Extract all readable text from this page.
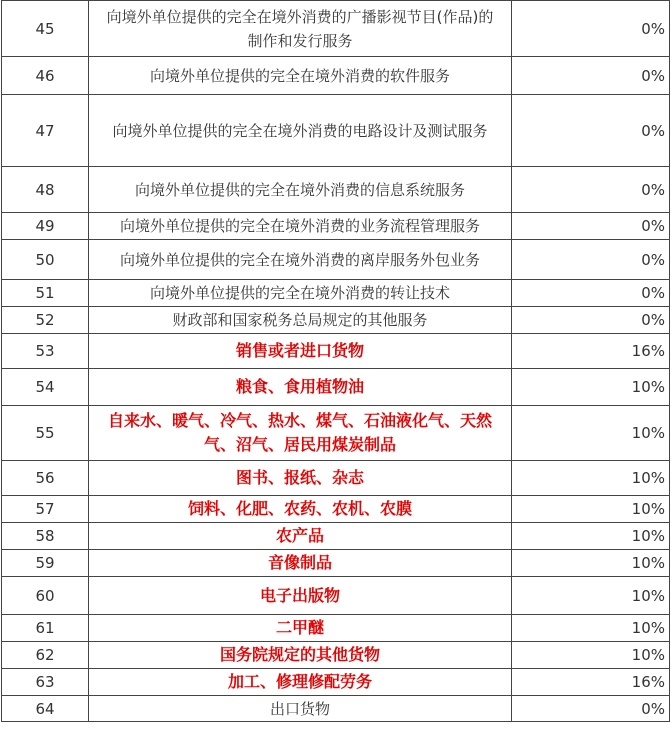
45	向境外单位提供的完全在境外消费的广播影视节目(作品)的制作和发行服务	0%
46	向境外单位提供的完全在境外消费的软件服务	0%
47	向境外单位提供的完全在境外消费的电路设计及测试服务	0%
48	向境外单位提供的完全在境外消费的信息系统服务	0%
49	向境外单位提供的完全在境外消费的业务流程管理服务	0%
50	向境外单位提供的完全在境外消费的离岸服务外包业务	0%
51	向境外单位提供的完全在境外消费的转让技术	0%
52	财政部和国家税务总局规定的其他服务	0%
53	销售或者进口货物	16%
54	粮食、食用植物油	10%
55	自来水、暖气、冷气、热水、煤气、石油液化气、天然气、沼气、居民用煤炭制品	10%
56	图书、报纸、杂志	10%
57	饲料、化肥、农药、农机、农膜	10%
58	农产品	10%
59	音像制品	10%
60	电子出版物	10%
61	二甲醚	10%
62	国务院规定的其他货物	10%
63	加工、修理修配劳务	16%
64	出口货物	0%
